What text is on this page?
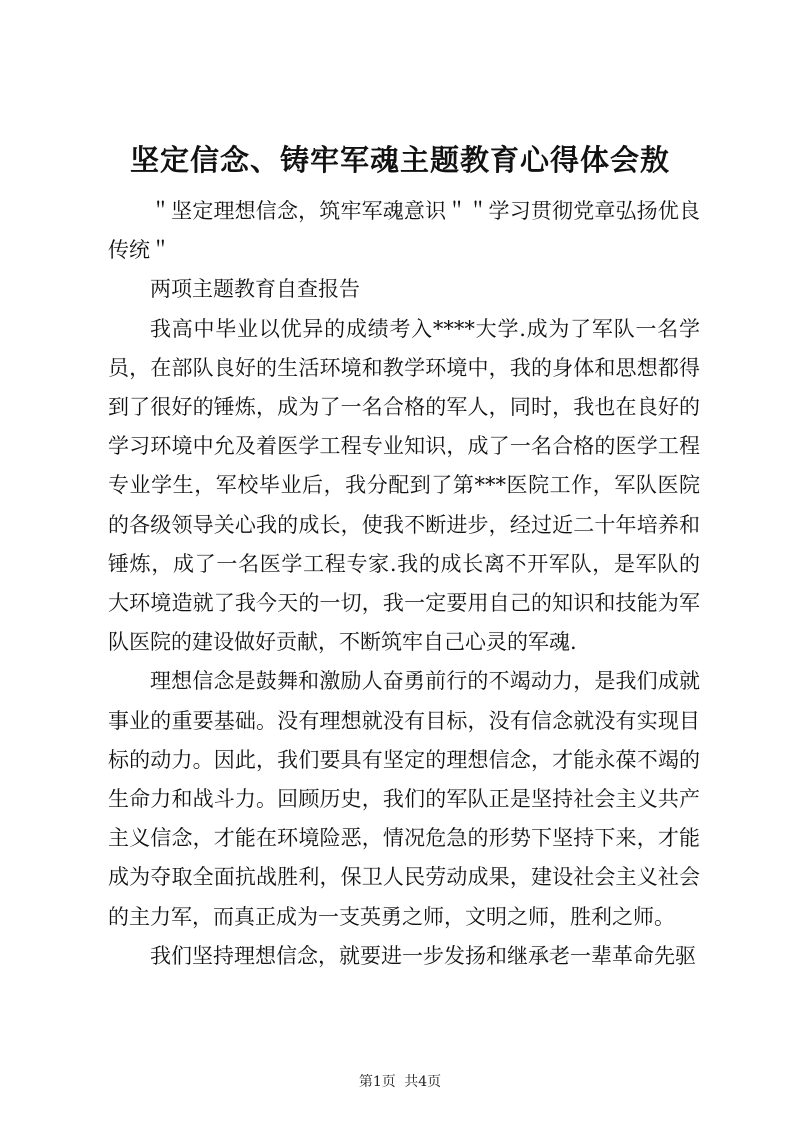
坚定信念、铸牢军魂主题教育心得体会敖

＂坚定理想信念，筑牢军魂意识＂＂学习贯彻党章弘扬优良传统＂

两项主题教育自查报告

我高中毕业以优异的成绩考入****大学.成为了军队一名学员，在部队良好的生活环境和教学环境中，我的身体和思想都得到了很好的锤炼，成为了一名合格的军人，同时，我也在良好的学习环境中允及着医学工程专业知识，成了一名合格的医学工程专业学生，军校毕业后，我分配到了第***医院工作，军队医院的各级领导关心我的成长，使我不断进步，经过近二十年培养和锤炼，成了一名医学工程专家.我的成长离不开军队，是军队的大环境造就了我今天的一切，我一定要用自己的知识和技能为军队医院的建设做好贡献，不断筑牢自己心灵的军魂.

理想信念是鼓舞和激励人奋勇前行的不竭动力，是我们成就事业的重要基础。没有理想就没有目标，没有信念就没有实现目标的动力。因此，我们要具有坚定的理想信念，才能永葆不竭的生命力和战斗力。回顾历史，我们的军队正是坚持社会主义共产主义信念，才能在环境险恶，情况危急的形势下坚持下来，才能成为夺取全面抗战胜利，保卫人民劳动成果，建设社会主义社会的主力军，而真正成为一支英勇之师，文明之师，胜利之师。

我们坚持理想信念，就要进一步发扬和继承老一辈革命先驱

第1页 共4页
